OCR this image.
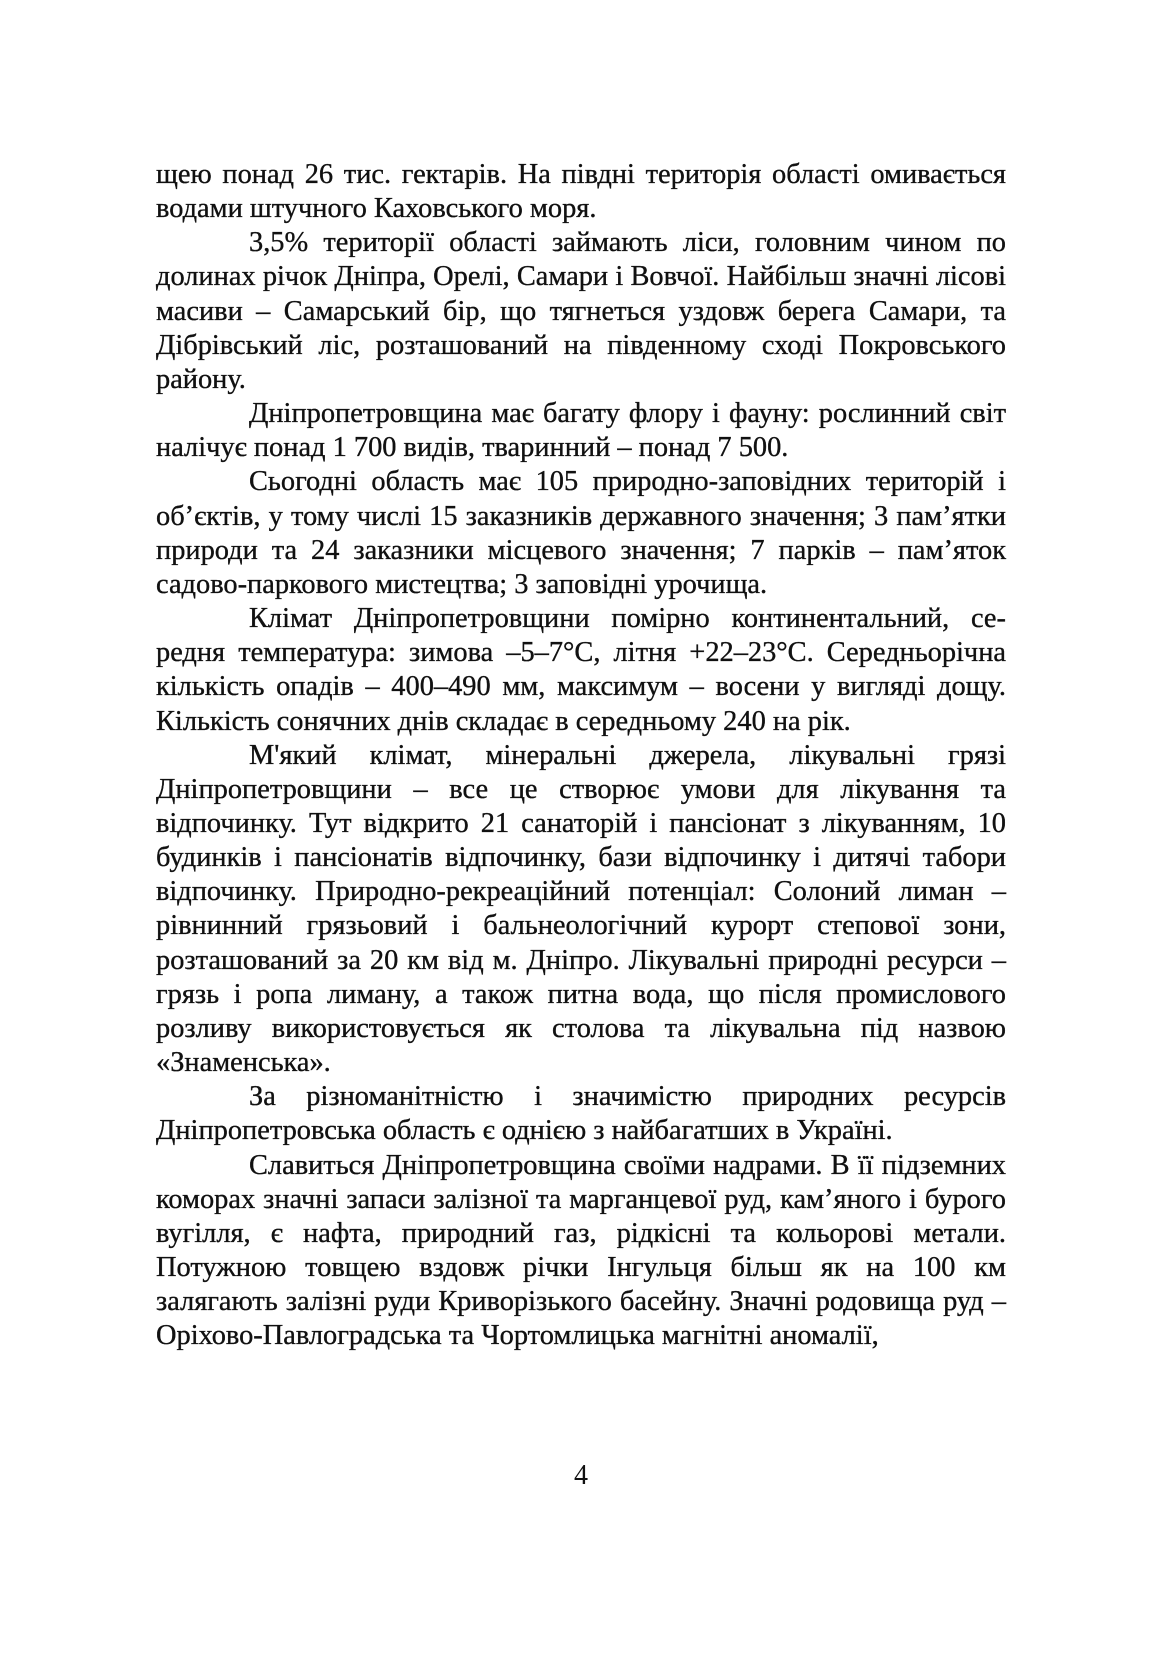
щею понад 26 тис. гектарів. На півдні територія області омивається водами штучного Каховського моря.

3,5% території області займають ліси, головним чином по долинах річок Дніпра, Орелі, Самари і Вовчої. Найбільш значні лісові масиви – Самарський бір, що тягнеться уздовж берега Самари, та Дібрівський ліс, розташований на південному сході Покровського району.

Дніпропетровщина має багату флору і фауну: рослинний світ налічує понад 1 700 видів, тваринний – понад 7 500.

Сьогодні область має 105 природно-заповідних територій і об’єктів, у тому числі 15 заказників державного значення; 3 пам’ятки природи та 24 заказники місцевого значення; 7 парків – пам’яток садово-паркового мистецтва; 3 заповідні урочища.

Клімат Дніпропетровщини помірно континентальний, середня температура: зимова –5–7°С, літня +22–23°С. Середньорічна кількість опадів – 400–490 мм, максимум – восени у вигляді дощу. Кількість сонячних днів складає в середньому 240 на рік.

М'який клімат, мінеральні джерела, лікувальні грязі Дніпропетровщини – все це створює умови для лікування та відпочинку. Тут відкрито 21 санаторій і пансіонат з лікуванням, 10 будинків і пансіонатів відпочинку, бази відпочинку і дитячі табори відпочинку. Природно-рекреаційний потенціал: Солоний лиман – рівнинний грязьовий і бальнеологічний курорт степової зони, розташований за 20 км від м. Дніпро. Лікувальні природні ресурси – грязь і ропа лиману, а також питна вода, що після промислового розливу використовується як столова та лікувальна під назвою «Знаменська».

За різноманітністю і значимістю природних ресурсів Дніпропетровська область є однією з найбагатших в Україні.

Славиться Дніпропетровщина своїми надрами. В її підземних коморах значні запаси залізної та марганцевої руд, кам’яного і бурого вугілля, є нафта, природний газ, рідкісні та кольорові метали. Потужною товщею вздовж річки Інгульця більш як на 100 км залягають залізні руди Криворізького басейну. Значні родовища руд – Оріхово-Павлоградська та Чортомлицька магнітні аномалії,

4
